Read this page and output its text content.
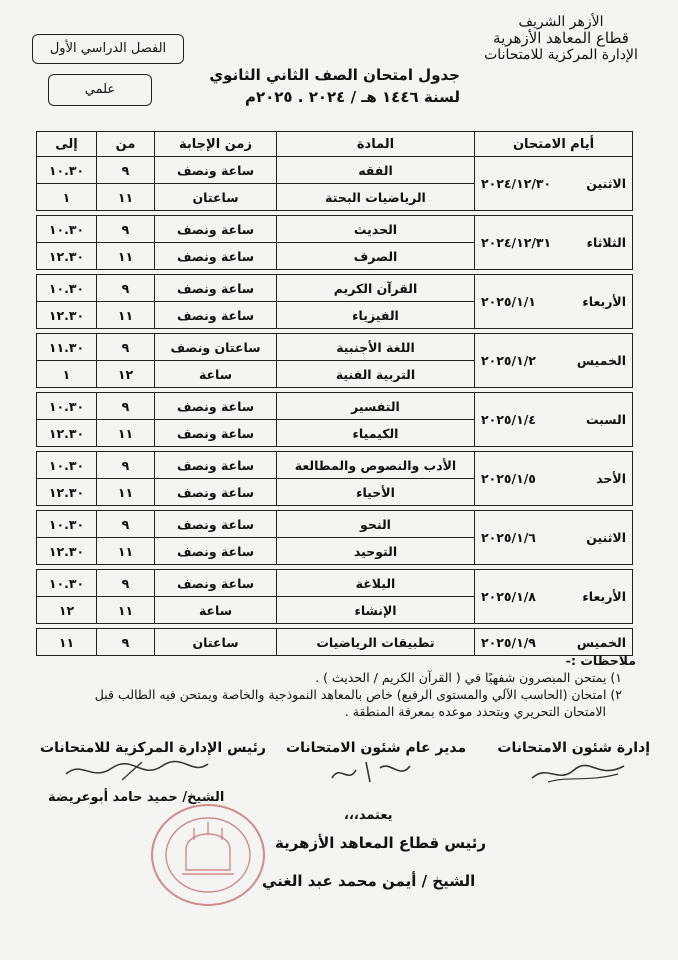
الأزهر الشريف
قطاع المعاهد الأزهرية
الإدارة المركزية للامتحانات
الفصل الدراسي الأول
علمي
جدول امتحان الصف الثاني الثانوي
لسنة ١٤٤٦ هـ / ٢٠٢٤ . ٢٠٢٥م
أيام الامتحان		المادة	زمن الإجابة	من	إلى
الاثنين	٢٠٢٤/١٢/٣٠	الفقه	ساعة ونصف	٩	١٠.٣٠
		الرياضيات البحتة	ساعتان	١١	١

الثلاثاء	٢٠٢٤/١٢/٣١	الحديث	ساعة ونصف	٩	١٠.٣٠
		الصرف	ساعة ونصف	١١	١٢.٣٠

الأربعاء	٢٠٢٥/١/١	القرآن الكريم	ساعة ونصف	٩	١٠.٣٠
		الفيزياء	ساعة ونصف	١١	١٢.٣٠

الخميس	٢٠٢٥/١/٢	اللغة الأجنبية	ساعتان ونصف	٩	١١.٣٠
		التربية الفنية	ساعة	١٢	١

السبت	٢٠٢٥/١/٤	التفسير	ساعة ونصف	٩	١٠.٣٠
		الكيمياء	ساعة ونصف	١١	١٢.٣٠

الأحد	٢٠٢٥/١/٥	الأدب والنصوص والمطالعة	ساعة ونصف	٩	١٠.٣٠
		الأحياء	ساعة ونصف	١١	١٢.٣٠

الاثنين	٢٠٢٥/١/٦	النحو	ساعة ونصف	٩	١٠.٣٠
		التوحيد	ساعة ونصف	١١	١٢.٣٠

الأربعاء	٢٠٢٥/١/٨	البلاغة	ساعة ونصف	٩	١٠.٣٠
		الإنشاء	ساعة	١١	١٢

الخميس	٢٠٢٥/١/٩	تطبيقات الرياضيات	ساعتان	٩	١١
ملاحظات :-
١) يمتحن المبصرون شفهيًا في ( القرآن الكريم / الحديث ) .
٢) امتحان (الحاسب الآلي والمستوى الرفيع) خاص بالمعاهد النموذجية والخاصة ويمتحن فيه الطالب قبل
الامتحان التحريري ويتحدد موعده بمعرفة المنطقة .
إدارة شئون الامتحانات
مدير عام شئون الامتحانات
رئيس الإدارة المركزية للامتحانات
الشيخ/ حميد حامد أبوعريضة
يعتمد،،،
رئيس قطاع المعاهد الأزهرية
الشيخ / أيمن محمد عبد الغني
